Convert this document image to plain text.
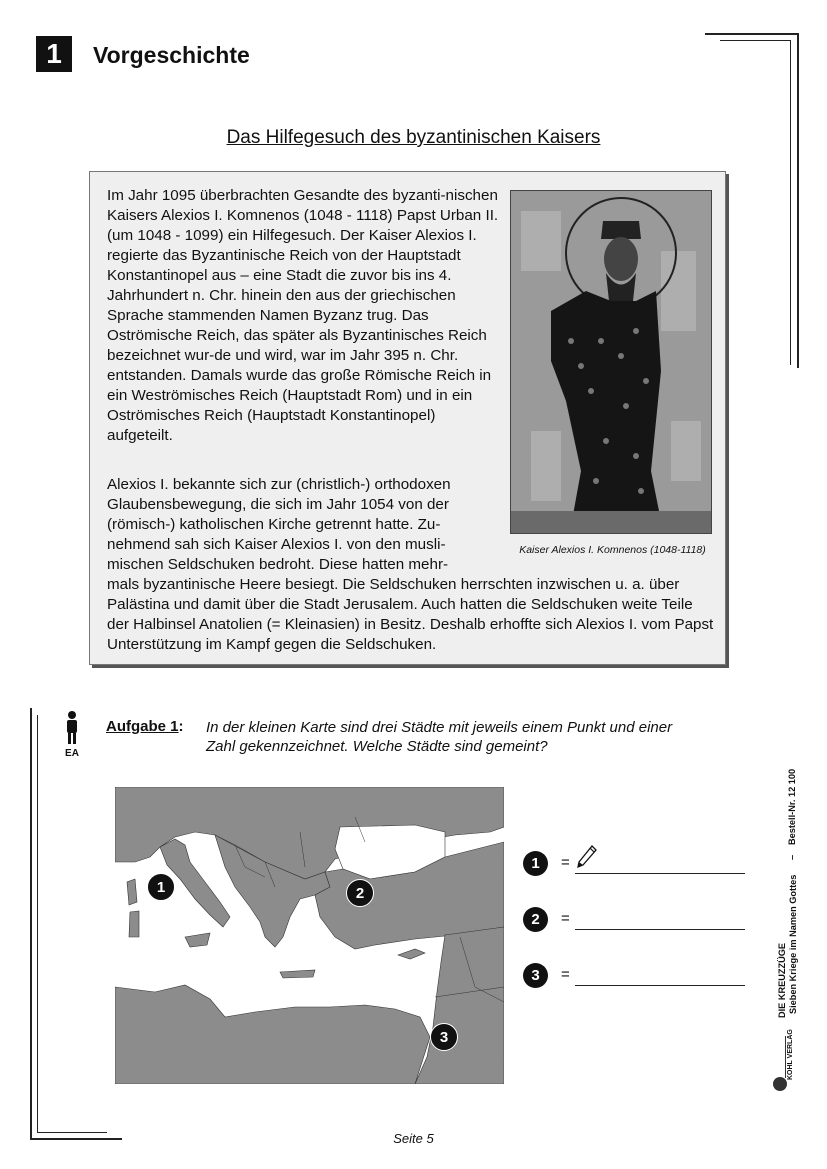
1	Vorgeschichte
Das Hilfegesuch des byzantinischen Kaisers

Im Jahr 1095 überbrachten Gesandte des byzanti-nischen Kaisers Alexios I. Komnenos (1048 - 1118) Papst Urban II. (um 1048 - 1099) ein Hilfegesuch. Der Kaiser Alexios I. regierte das Byzantinische Reich von der Hauptstadt Konstantinopel aus – eine Stadt die zuvor bis ins 4. Jahrhundert n. Chr. hinein den aus der griechischen Sprache stammenden Namen Byzanz trug. Das Oströmische Reich, das später als Byzantinisches Reich bezeichnet wur-de und wird, war im Jahr 395 n. Chr. entstanden. Damals wurde das große Römische Reich in ein Weströmisches Reich (Hauptstadt Rom) und in ein Oströmisches Reich (Hauptstadt Konstantinopel) aufgeteilt.

Alexios I. bekannte sich zur (christlich-) orthodoxen Glaubensbewegung, die sich im Jahr 1054 von der (römisch-) katholischen Kirche getrennt hatte. Zu-nehmend sah sich Kaiser Alexios I. von den musli-mischen Seldschuken bedroht. Diese hatten mehr-

mals byzantinische Heere besiegt. Die Seldschuken herrschten inzwischen u. a. über Palästina und damit über die Stadt Jerusalem. Auch hatten die Seldschuken weite Teile der Halbinsel Anatolien (= Kleinasien) in Besitz. Deshalb erhoffte sich Alexios I. vom Papst Unterstützung im Kampf gegen die Seldschuken.

Kaiser Alexios I. Komnenos (1048-1118)
EA
Aufgabe 1: In der kleinen Karte sind drei Städte mit jeweils einem Punkt und einer Zahl gekennzeichnet. Welche Städte sind gemeint?
1	2
3
1	=
2	=
3	=
Bestell-Nr. 12 100
–
DIE KREUZZÜGE Sieben Kriege im Namen Gottes
KOHL VERLAG
Seite 5
